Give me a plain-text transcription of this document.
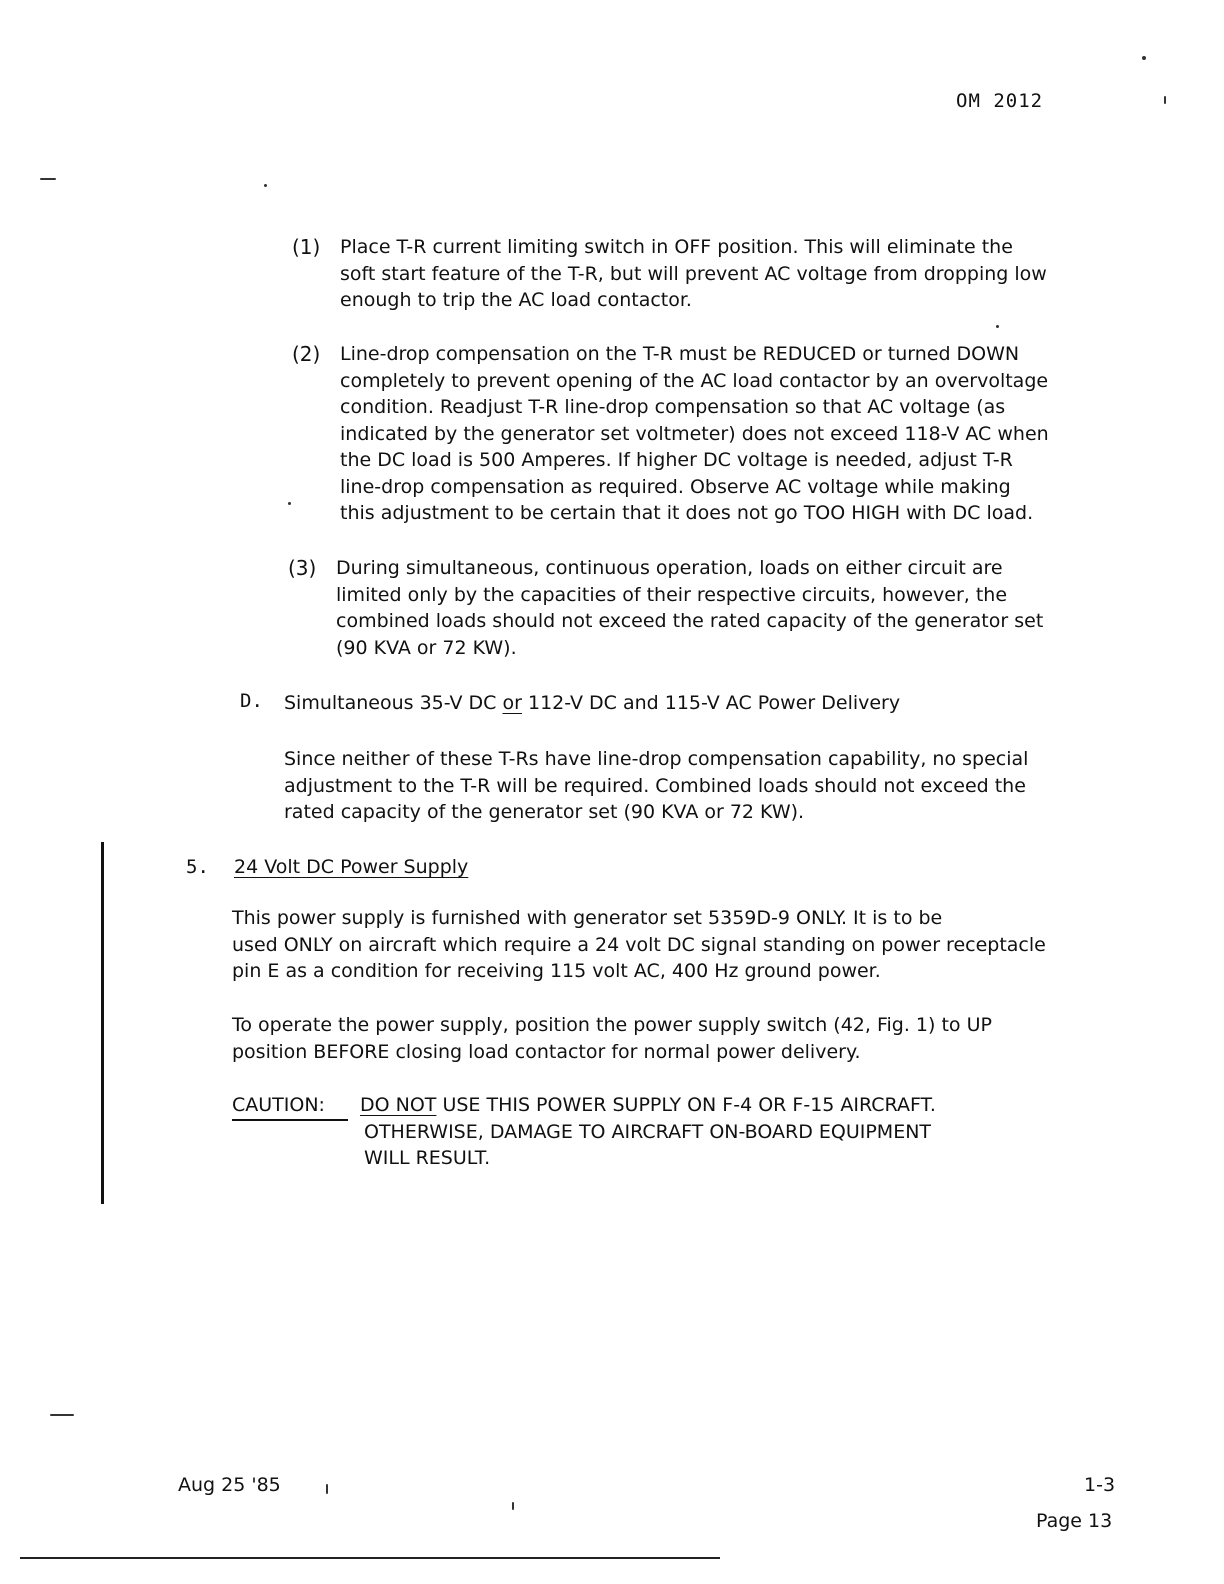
OM 2012
(1) Place T-R current limiting switch in OFF position. This will eliminate the
soft start feature of the T-R, but will prevent AC voltage from dropping low
enough to trip the AC load contactor.
(2) Line-drop compensation on the T-R must be REDUCED or turned DOWN
completely to prevent opening of the AC load contactor by an overvoltage
condition. Readjust T-R line-drop compensation so that AC voltage (as
indicated by the generator set voltmeter) does not exceed 118-V AC when
the DC load is 500 Amperes. If higher DC voltage is needed, adjust T-R
line-drop compensation as required. Observe AC voltage while making
this adjustment to be certain that it does not go TOO HIGH with DC load.
(3) During simultaneous, continuous operation, loads on either circuit are
limited only by the capacities of their respective circuits, however, the
combined loads should not exceed the rated capacity of the generator set
(90 KVA or 72 KW).
D. Simultaneous 35-V DC or 112-V DC and 115-V AC Power Delivery
Since neither of these T-Rs have line-drop compensation capability, no special
adjustment to the T-R will be required. Combined loads should not exceed the
rated capacity of the generator set (90 KVA or 72 KW).
5. 24 Volt DC Power Supply
This power supply is furnished with generator set 5359D-9 ONLY. It is to be
used ONLY on aircraft which require a 24 volt DC signal standing on power receptacle
pin E as a condition for receiving 115 volt AC, 400 Hz ground power.
To operate the power supply, position the power supply switch (42, Fig. 1) to UP
position BEFORE closing load contactor for normal power delivery.
CAUTION: DO NOT USE THIS POWER SUPPLY ON F-4 OR F-15 AIRCRAFT.
OTHERWISE, DAMAGE TO AIRCRAFT ON-BOARD EQUIPMENT
WILL RESULT.
Aug 25 '85	1-3
Page 13
